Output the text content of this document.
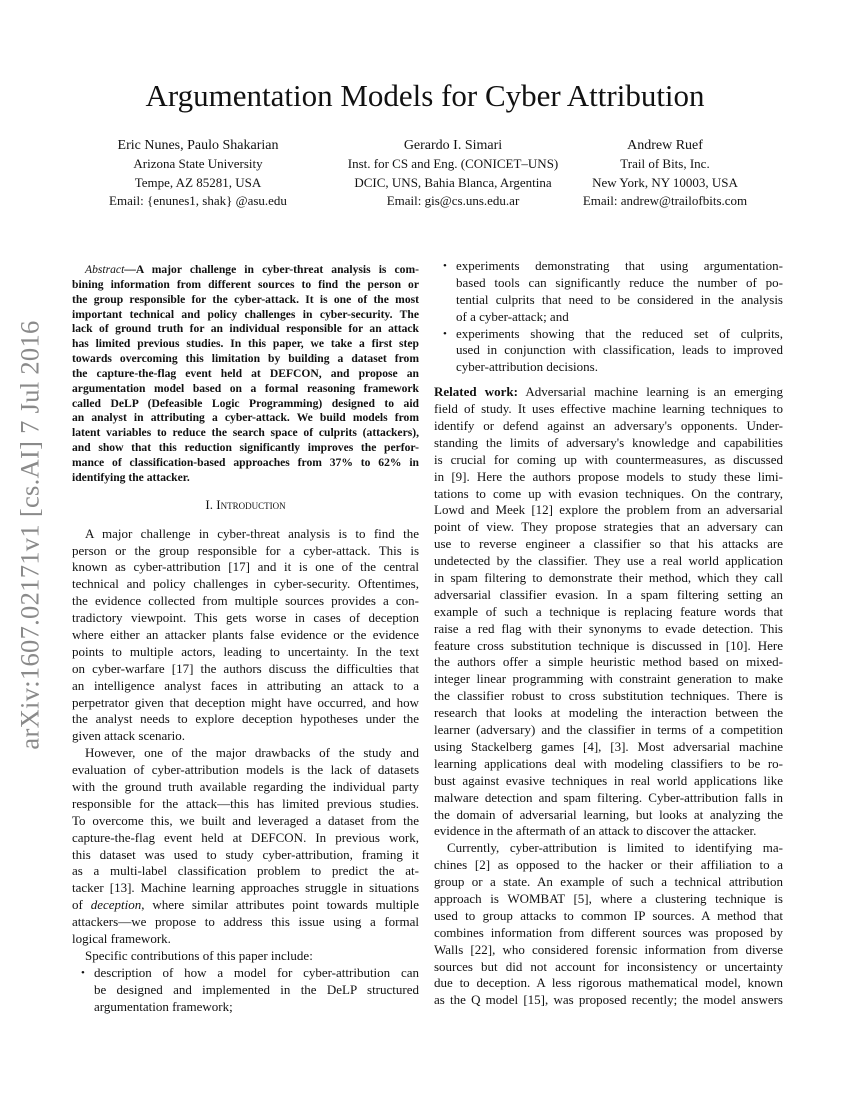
arXiv:1607.02171v1 [cs.AI] 7 Jul 2016
Argumentation Models for Cyber Attribution
Eric Nunes, Paulo Shakarian
Arizona State University
Tempe, AZ 85281, USA
Email: {enunes1, shak} @asu.edu
Gerardo I. Simari
Inst. for CS and Eng. (CONICET–UNS)
DCIC, UNS, Bahia Blanca, Argentina
Email: gis@cs.uns.edu.ar
Andrew Ruef
Trail of Bits, Inc.
New York, NY 10003, USA
Email: andrew@trailofbits.com
Abstract—A major challenge in cyber-threat analysis is com-
bining information from different sources to find the person or
the group responsible for the cyber-attack. It is one of the most
important technical and policy challenges in cyber-security. The
lack of ground truth for an individual responsible for an attack
has limited previous studies. In this paper, we take a first step
towards overcoming this limitation by building a dataset from
the capture-the-flag event held at DEFCON, and propose an
argumentation model based on a formal reasoning framework
called DeLP (Defeasible Logic Programming) designed to aid
an analyst in attributing a cyber-attack. We build models from
latent variables to reduce the search space of culprits (attackers),
and show that this reduction significantly improves the perfor-
mance of classification-based approaches from 37% to 62% in
identifying the attacker.
I. Introduction
A major challenge in cyber-threat analysis is to find the
person or the group responsible for a cyber-attack. This is
known as cyber-attribution [17] and it is one of the central
technical and policy challenges in cyber-security. Oftentimes,
the evidence collected from multiple sources provides a con-
tradictory viewpoint. This gets worse in cases of deception
where either an attacker plants false evidence or the evidence
points to multiple actors, leading to uncertainty. In the text
on cyber-warfare [17] the authors discuss the difficulties that
an intelligence analyst faces in attributing an attack to a
perpetrator given that deception might have occurred, and how
the analyst needs to explore deception hypotheses under the
given attack scenario.
However, one of the major drawbacks of the study and
evaluation of cyber-attribution models is the lack of datasets
with the ground truth available regarding the individual party
responsible for the attack—this has limited previous studies.
To overcome this, we built and leveraged a dataset from the
capture-the-flag event held at DEFCON. In previous work,
this dataset was used to study cyber-attribution, framing it
as a multi-label classification problem to predict the at-
tacker [13]. Machine learning approaches struggle in situations
of deception, where similar attributes point towards multiple
attackers—we propose to address this issue using a formal
logical framework.
Specific contributions of this paper include:
• description of how a model for cyber-attribution can
be designed and implemented in the DeLP structured
argumentation framework;
• experiments demonstrating that using argumentation-
based tools can significantly reduce the number of po-
tential culprits that need to be considered in the analysis
of a cyber-attack; and
• experiments showing that the reduced set of culprits,
used in conjunction with classification, leads to improved
cyber-attribution decisions.
Related work: Adversarial machine learning is an emerging
field of study. It uses effective machine learning techniques to
identify or defend against an adversary's opponents. Under-
standing the limits of adversary's knowledge and capabilities
is crucial for coming up with countermeasures, as discussed
in [9]. Here the authors propose models to study these limi-
tations to come up with evasion techniques. On the contrary,
Lowd and Meek [12] explore the problem from an adversarial
point of view. They propose strategies that an adversary can
use to reverse engineer a classifier so that his attacks are
undetected by the classifier. They use a real world application
in spam filtering to demonstrate their method, which they call
adversarial classifier evasion. In a spam filtering setting an
example of such a technique is replacing feature words that
raise a red flag with their synonyms to evade detection. This
feature cross substitution technique is discussed in [10]. Here
the authors offer a simple heuristic method based on mixed-
integer linear programming with constraint generation to make
the classifier robust to cross substitution techniques. There is
research that looks at modeling the interaction between the
learner (adversary) and the classifier in terms of a competition
using Stackelberg games [4], [3]. Most adversarial machine
learning applications deal with modeling classifiers to be ro-
bust against evasive techniques in real world applications like
malware detection and spam filtering. Cyber-attribution falls in
the domain of adversarial learning, but looks at analyzing the
evidence in the aftermath of an attack to discover the attacker.
Currently, cyber-attribution is limited to identifying ma-
chines [2] as opposed to the hacker or their affiliation to a
group or a state. An example of such a technical attribution
approach is WOMBAT [5], where a clustering technique is
used to group attacks to common IP sources. A method that
combines information from different sources was proposed by
Walls [22], who considered forensic information from diverse
sources but did not account for inconsistency or uncertainty
due to deception. A less rigorous mathematical model, known
as the Q model [15], was proposed recently; the model answers
